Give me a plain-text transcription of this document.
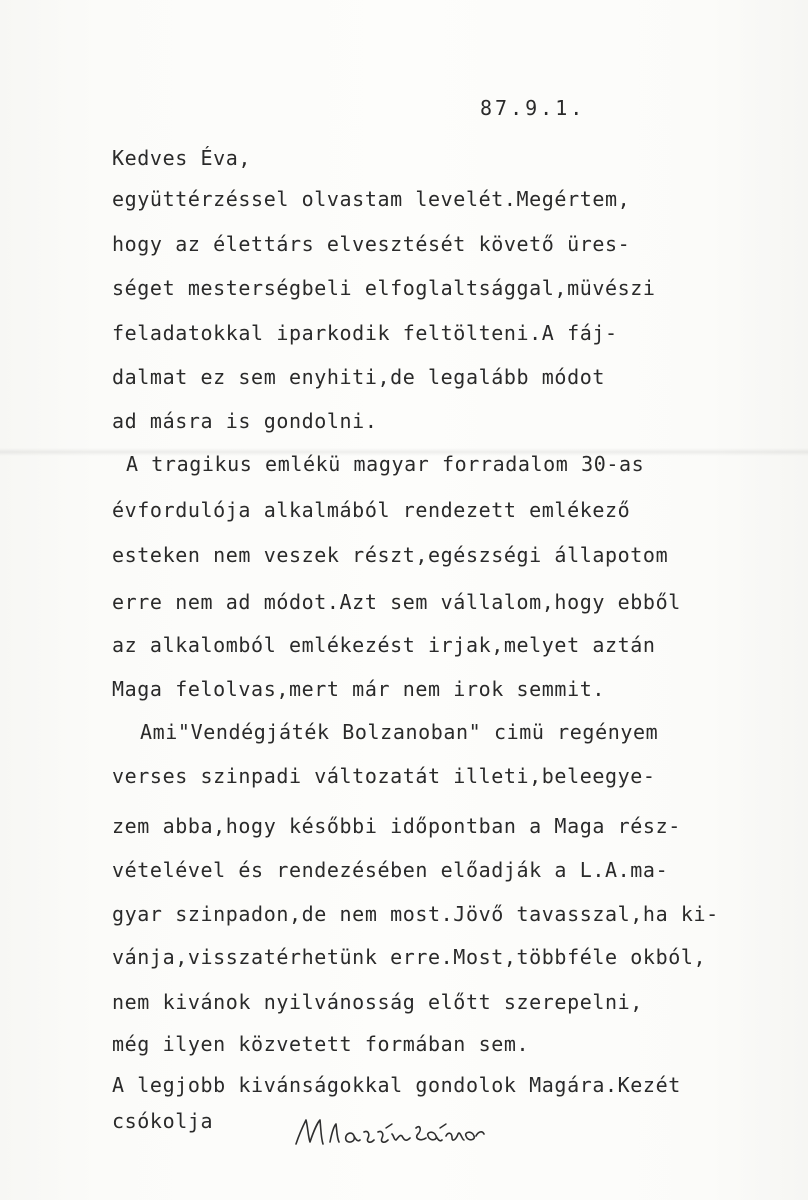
87.9.1.
Kedves Éva,
együttérzéssel olvastam levelét.Megértem,
hogy az élettárs elvesztését követő üres-
séget mesterségbeli elfoglaltsággal,müvészi
feladatokkal iparkodik feltölteni.A fáj-
dalmat ez sem enyhiti,de legalább módot
ad másra is gondolni.
A tragikus emlékü magyar forradalom 30-as
évfordulója alkalmából rendezett emlékező
esteken nem veszek részt,egészségi állapotom
erre nem ad módot.Azt sem vállalom,hogy ebből
az alkalomból emlékezést irjak,melyet aztán
Maga felolvas,mert már nem irok semmit.
Ami"Vendégjáték Bolzanoban" cimü regényem
verses szinpadi változatát illeti,beleegye-
zem abba,hogy későbbi időpontban a Maga rész-
vételével és rendezésében előadják a L.A.ma-
gyar szinpadon,de nem most.Jövő tavasszal,ha ki-
vánja,visszatérhetünk erre.Most,többféle okból,
nem kivánok nyilvánosság előtt szerepelni,
még ilyen közvetett formában sem.
A legjobb kivánságokkal gondolok Magára.Kezét
csókolja
